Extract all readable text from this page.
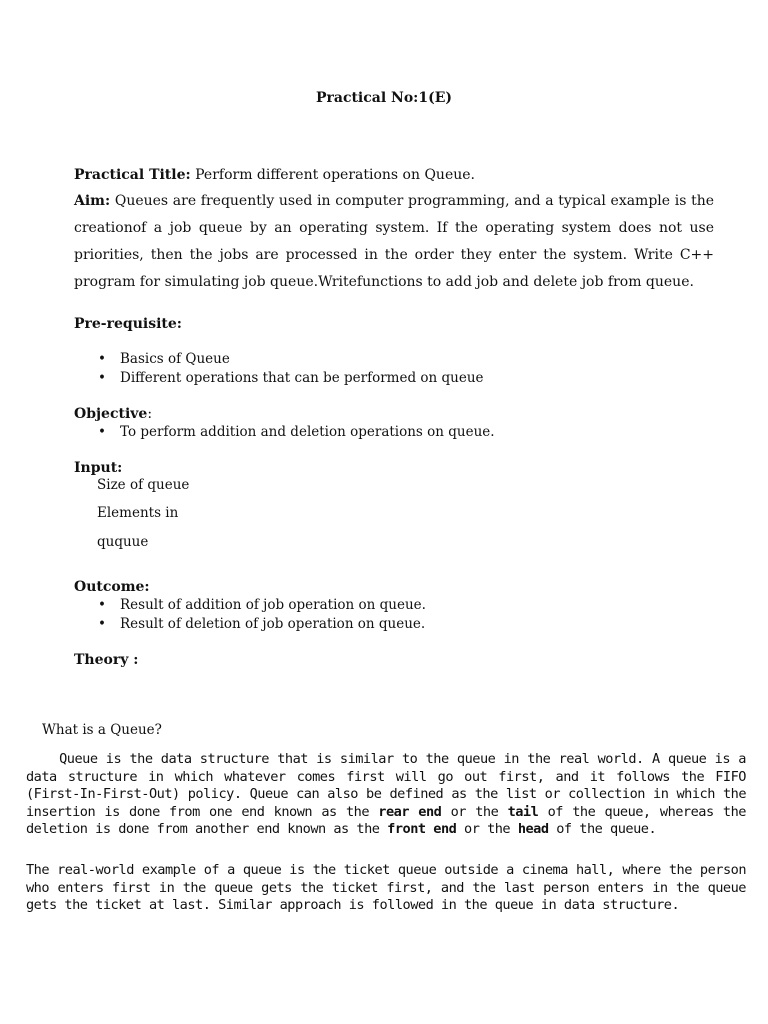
Practical No:1(E)
Practical Title: Perform different operations on Queue.
Aim: Queues are frequently used in computer programming, and a typical example is the creationof a job queue by an operating system. If the operating system does not use priorities, then the jobs are processed in the order they enter the system. Write C++ program for simulating job queue.Writefunctions to add job and delete job from queue.
Pre-requisite:
• Basics of Queue
• Different operations that can be performed on queue
Objective:
• To perform addition and deletion operations on queue.
Input:
Size of queue
Elements in
ququue
Outcome:
• Result of addition of job operation on queue.
• Result of deletion of job operation on queue.
Theory :
What is a Queue?
Queue is the data structure that is similar to the queue in the real world. A queue is a data structure in which whatever comes first will go out first, and it follows the FIFO (First-In-First-Out) policy. Queue can also be defined as the list or collection in which the insertion is done from one end known as the rear end or the tail of the queue, whereas the deletion is done from another end known as the front end or the head of the queue.
The real-world example of a queue is the ticket queue outside a cinema hall, where the person who enters first in the queue gets the ticket first, and the last person enters in the queue gets the ticket at last. Similar approach is followed in the queue in data structure.
